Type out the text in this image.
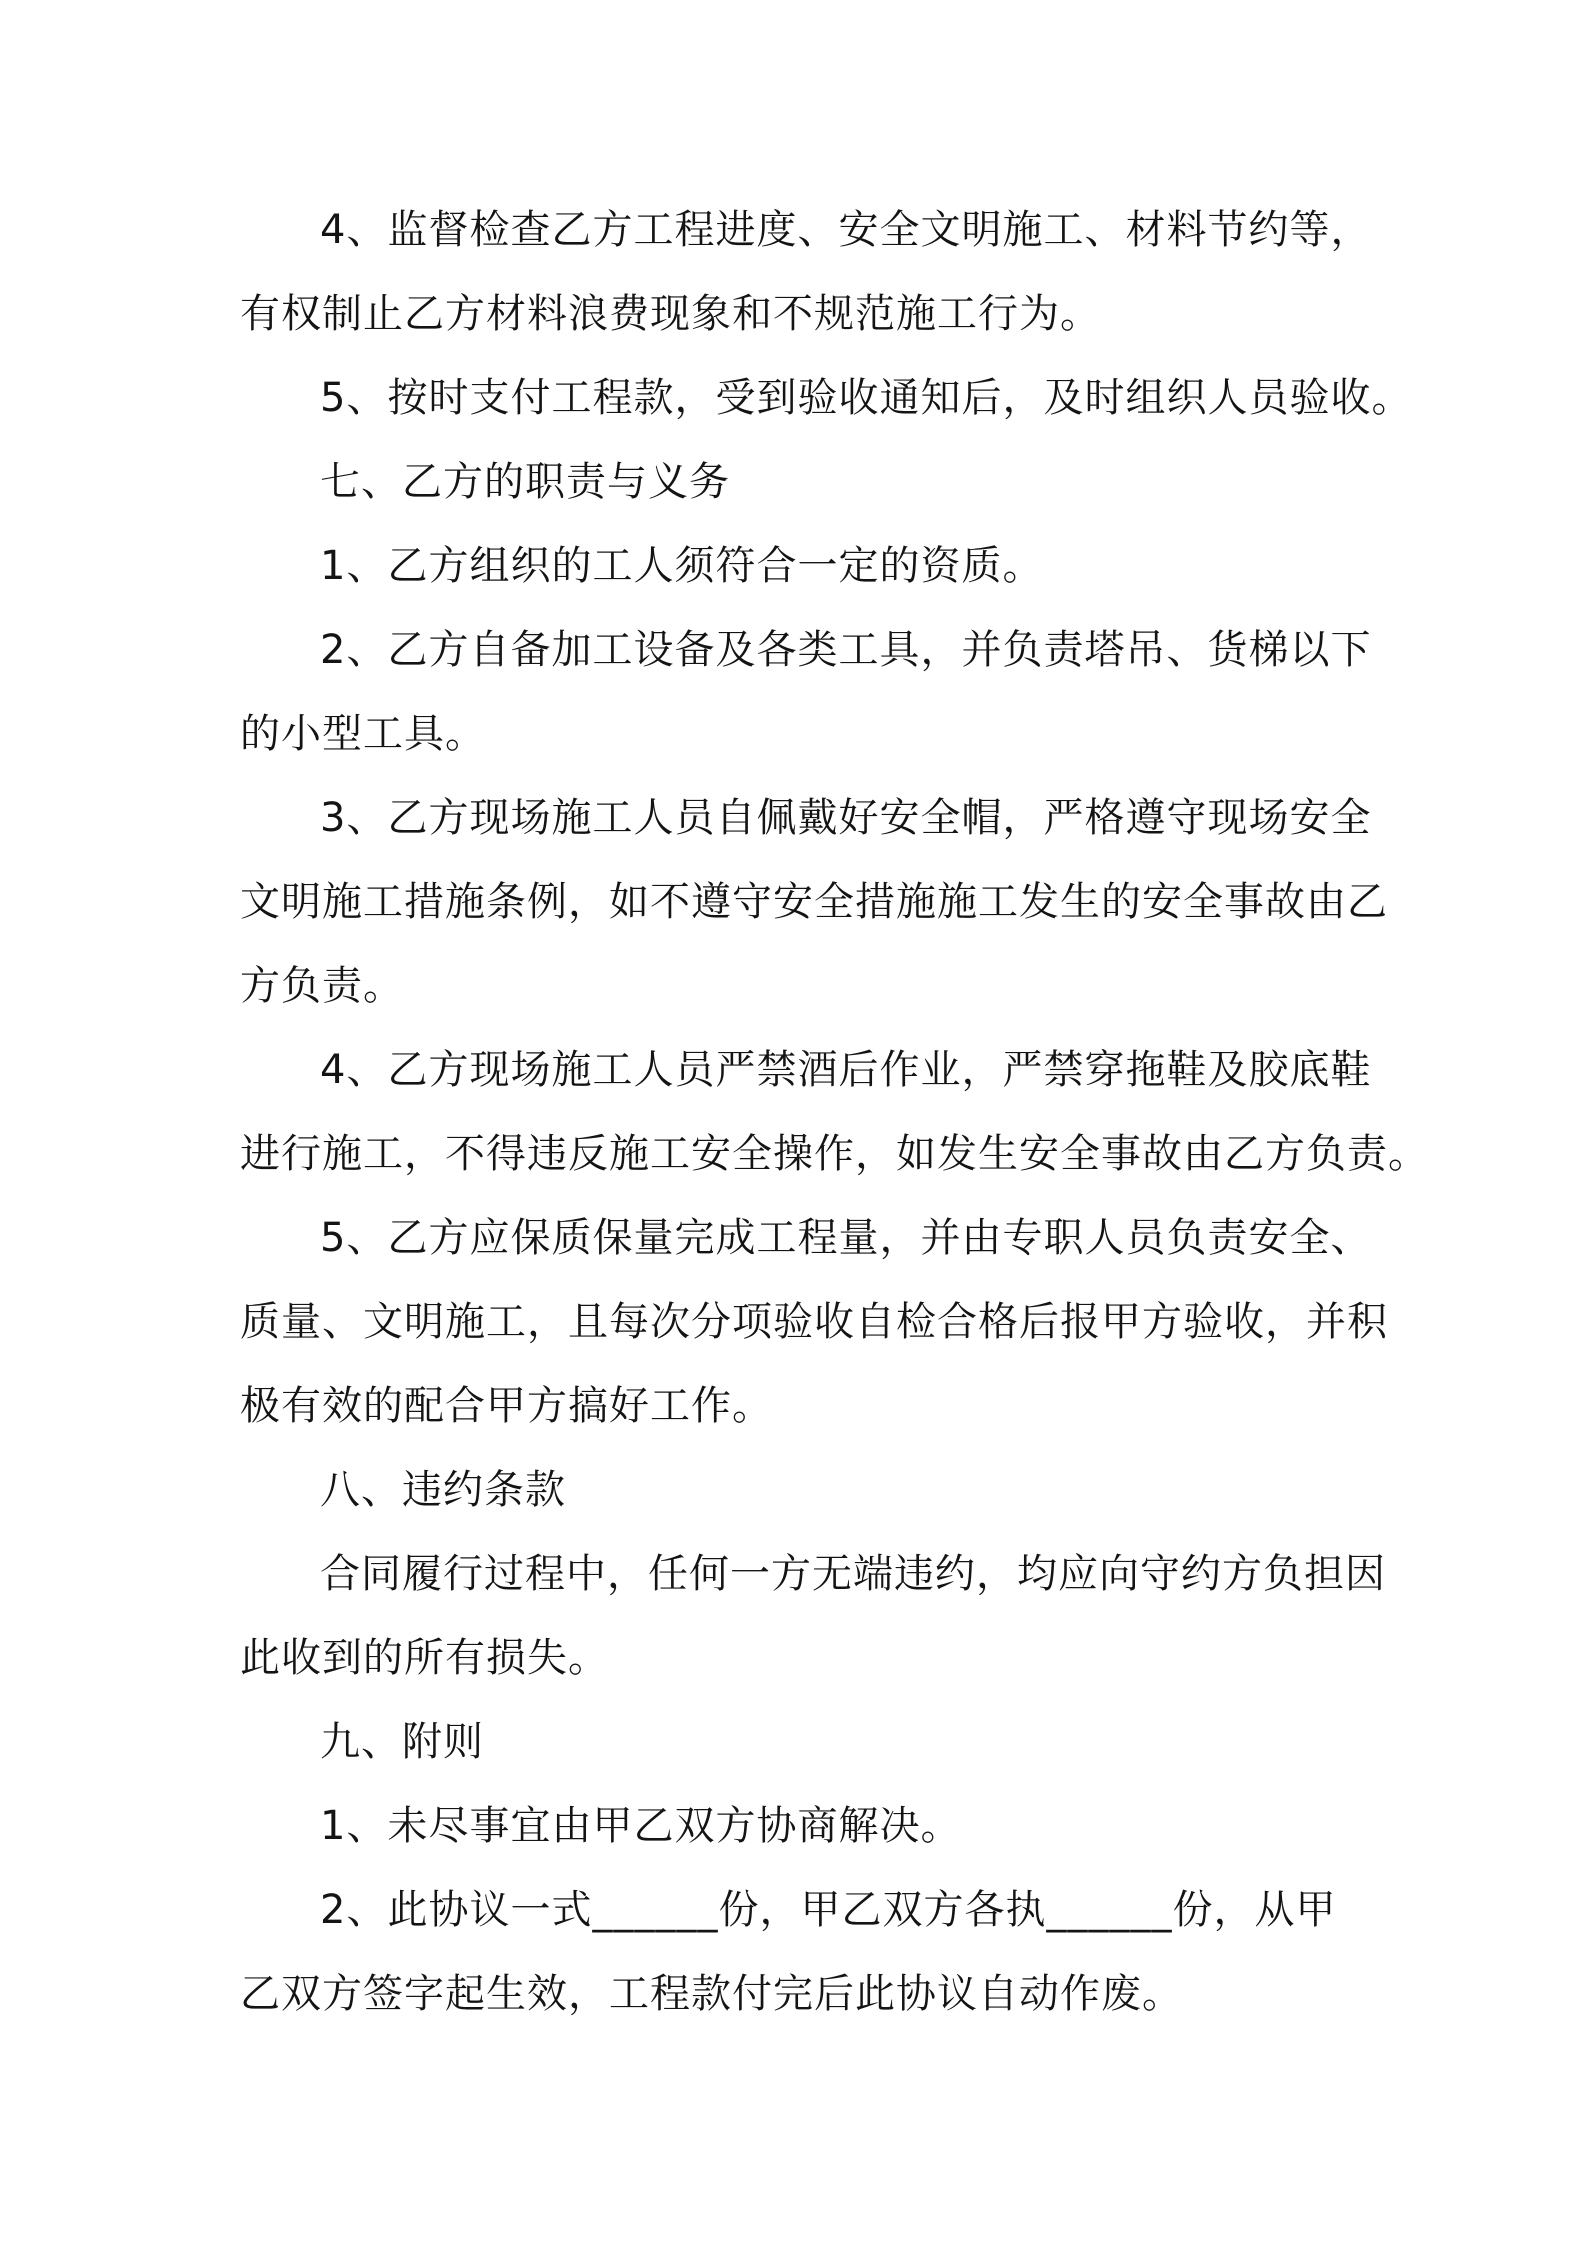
4、监督检查乙方工程进度、安全文明施工、材料节约等，
有权制止乙方材料浪费现象和不规范施工行为。
5、按时支付工程款，受到验收通知后，及时组织人员验收。
七、乙方的职责与义务
1、乙方组织的工人须符合一定的资质。
2、乙方自备加工设备及各类工具，并负责塔吊、货梯以下
的小型工具。
3、乙方现场施工人员自佩戴好安全帽，严格遵守现场安全
文明施工措施条例，如不遵守安全措施施工发生的安全事故由乙
方负责。
4、乙方现场施工人员严禁酒后作业，严禁穿拖鞋及胶底鞋
进行施工，不得违反施工安全操作，如发生安全事故由乙方负责。
5、乙方应保质保量完成工程量，并由专职人员负责安全、
质量、文明施工，且每次分项验收自检合格后报甲方验收，并积
极有效的配合甲方搞好工作。
八、违约条款
合同履行过程中，任何一方无端违约，均应向守约方负担因
此收到的所有损失。
九、附则
1、未尽事宜由甲乙双方协商解决。
2、此协议一式______份，甲乙双方各执______份，从甲
乙双方签字起生效，工程款付完后此协议自动作废。
